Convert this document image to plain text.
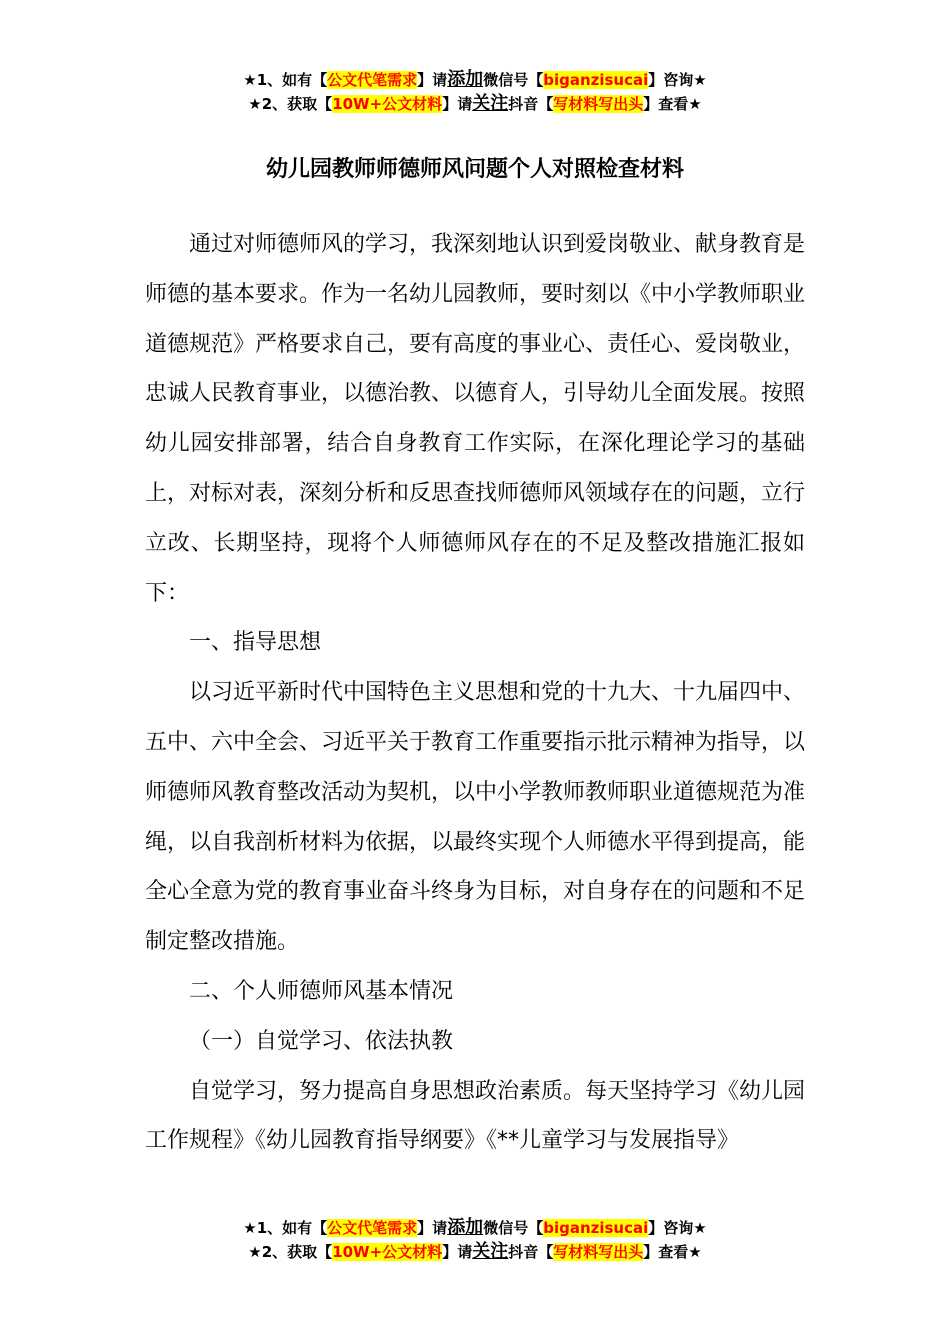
★1、如有【公文代笔需求】请添加微信号【biganzisucai】咨询★
★2、获取【10W+公文材料】请关注抖音【写材料写出头】查看★
幼儿园教师师德师风问题个人对照检查材料

通过对师德师风的学习，我深刻地认识到爱岗敬业、献身教育是师德的基本要求。作为一名幼儿园教师，要时刻以《中小学教师职业道德规范》严格要求自己，要有高度的事业心、责任心、爱岗敬业，忠诚人民教育事业，以德治教、以德育人，引导幼儿全面发展。按照幼儿园安排部署，结合自身教育工作实际，在深化理论学习的基础上，对标对表，深刻分析和反思查找师德师风领域存在的问题，立行立改、长期坚持，现将个人师德师风存在的不足及整改措施汇报如下：

一、指导思想

以习近平新时代中国特色主义思想和党的十九大、十九届四中、五中、六中全会、习近平关于教育工作重要指示批示精神为指导，以师德师风教育整改活动为契机，以中小学教师教师职业道德规范为准绳，以自我剖析材料为依据，以最终实现个人师德水平得到提高，能全心全意为党的教育事业奋斗终身为目标，对自身存在的问题和不足制定整改措施。

二、个人师德师风基本情况

（一）自觉学习、依法执教

自觉学习，努力提高自身思想政治素质。每天坚持学习《幼儿园工作规程》《幼儿园教育指导纲要》《**儿童学习与发展指导》

★1、如有【公文代笔需求】请添加微信号【biganzisucai】咨询★
★2、获取【10W+公文材料】请关注抖音【写材料写出头】查看★
